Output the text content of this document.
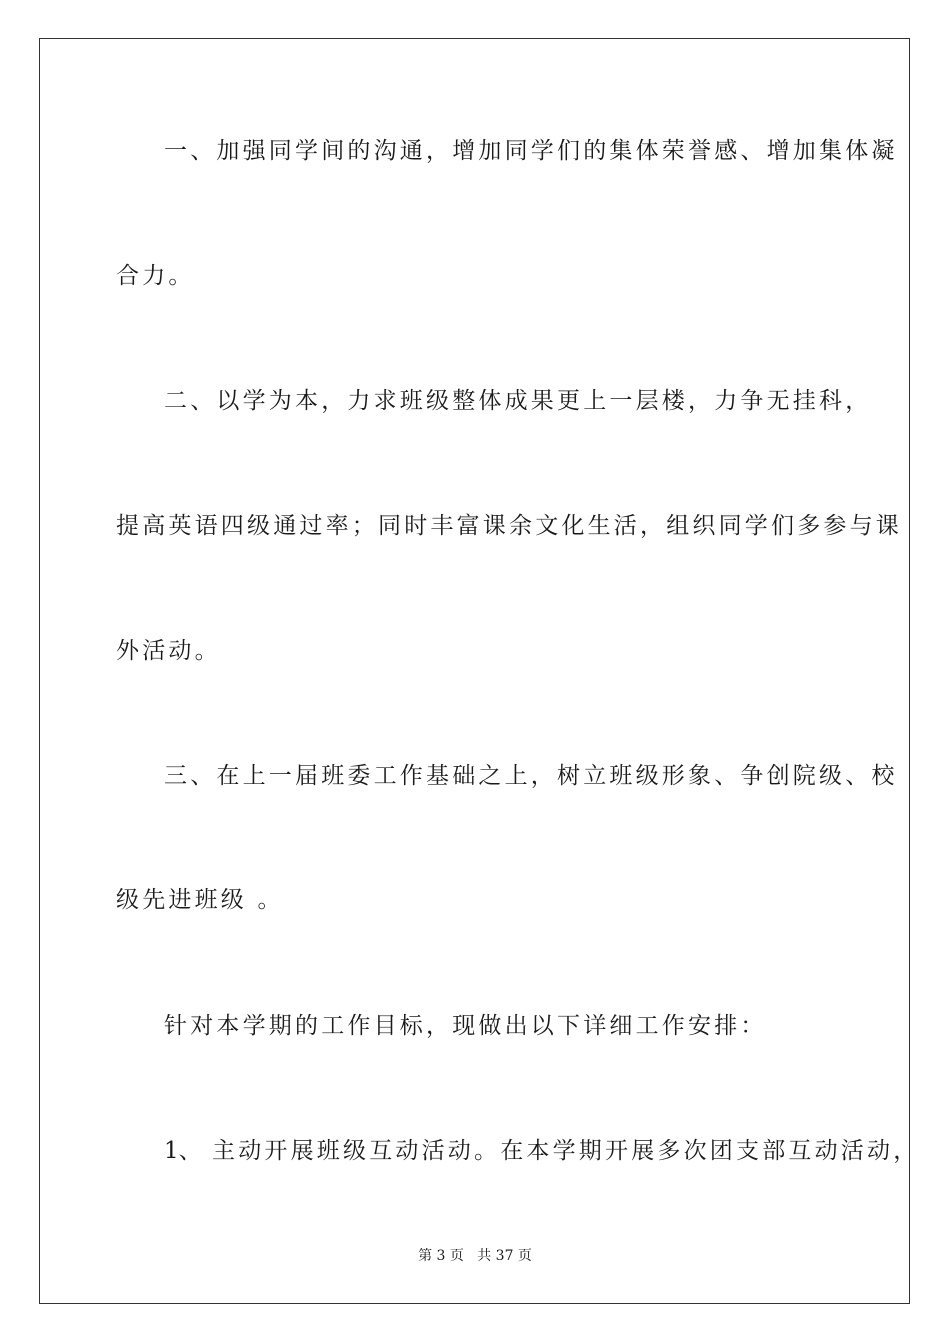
一、加强同学间的沟通，增加同学们的集体荣誉感、增加集体凝
合力。
二、以学为本，力求班级整体成果更上一层楼，力争无挂科，
提高英语四级通过率；同时丰富课余文化生活，组织同学们多参与课
外活动。
三、在上一届班委工作基础之上，树立班级形象、争创院级、校
级先进班级 。
针对本学期的工作目标，现做出以下详细工作安排：
1、 主动开展班级互动活动。在本学期开展多次团支部互动活动，
第 3 页   共 37 页
